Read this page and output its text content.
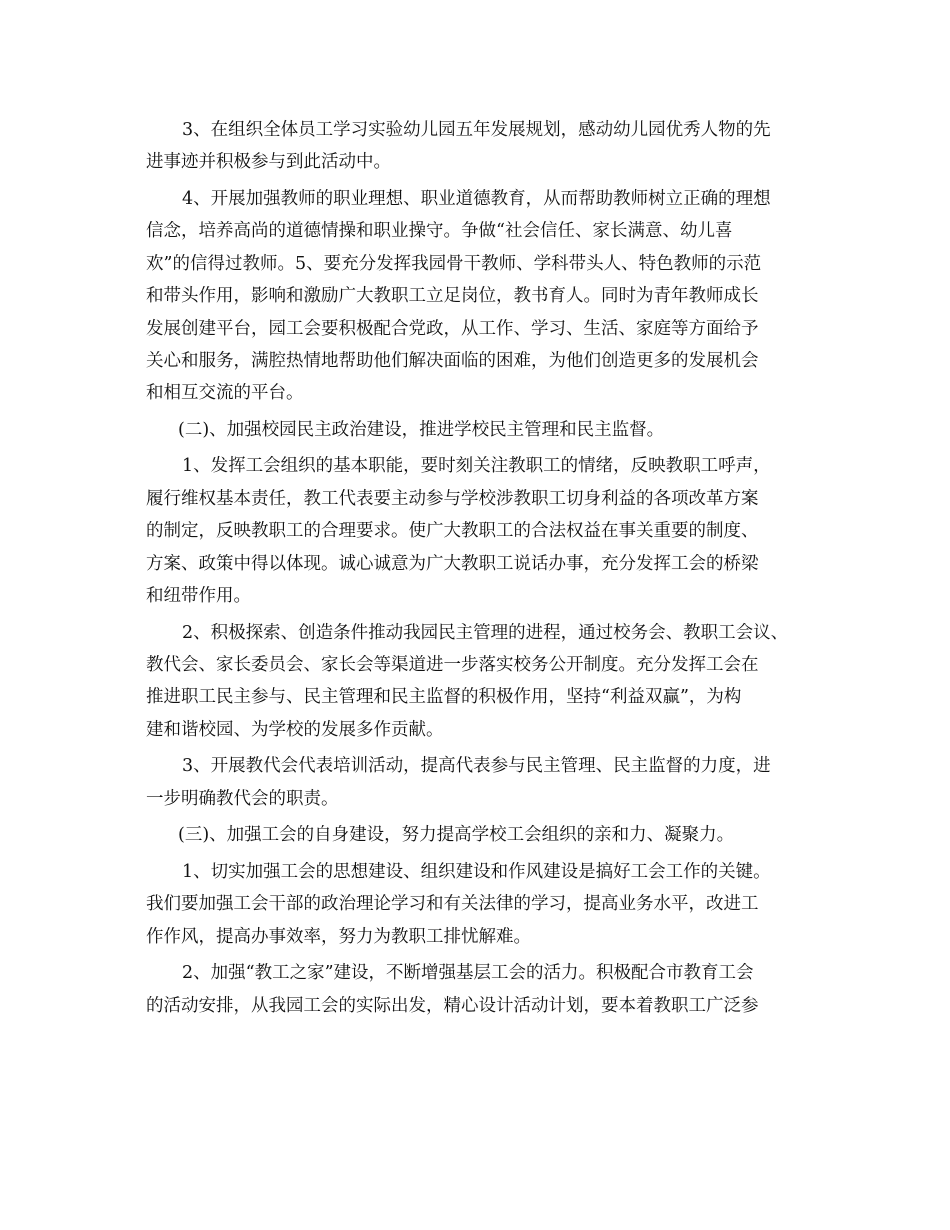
3、在组织全体员工学习实验幼儿园五年发展规划，感动幼儿园优秀人物的先
进事迹并积极参与到此活动中。
4、开展加强教师的职业理想、职业道德教育，从而帮助教师树立正确的理想
信念，培养高尚的道德情操和职业操守。争做“社会信任、家长满意、幼儿喜
欢”的信得过教师。5、要充分发挥我园骨干教师、学科带头人、特色教师的示范
和带头作用，影响和激励广大教职工立足岗位，教书育人。同时为青年教师成长
发展创建平台，园工会要积极配合党政，从工作、学习、生活、家庭等方面给予
关心和服务，满腔热情地帮助他们解决面临的困难，为他们创造更多的发展机会
和相互交流的平台。
(二)、加强校园民主政治建设，推进学校民主管理和民主监督。
1、发挥工会组织的基本职能，要时刻关注教职工的情绪，反映教职工呼声，
履行维权基本责任，教工代表要主动参与学校涉教职工切身利益的各项改革方案
的制定，反映教职工的合理要求。使广大教职工的合法权益在事关重要的制度、
方案、政策中得以体现。诚心诚意为广大教职工说话办事，充分发挥工会的桥梁
和纽带作用。
2、积极探索、创造条件推动我园民主管理的进程，通过校务会、教职工会议、
教代会、家长委员会、家长会等渠道进一步落实校务公开制度。充分发挥工会在
推进职工民主参与、民主管理和民主监督的积极作用，坚持“利益双赢”，为构
建和谐校园、为学校的发展多作贡献。
3、开展教代会代表培训活动，提高代表参与民主管理、民主监督的力度，进
一步明确教代会的职责。
(三)、加强工会的自身建设，努力提高学校工会组织的亲和力、凝聚力。
1、切实加强工会的思想建设、组织建设和作风建设是搞好工会工作的关键。
我们要加强工会干部的政治理论学习和有关法律的学习，提高业务水平，改进工
作作风，提高办事效率，努力为教职工排忧解难。
2、加强“教工之家”建设，不断增强基层工会的活力。积极配合市教育工会
的活动安排，从我园工会的实际出发，精心设计活动计划，要本着教职工广泛参
